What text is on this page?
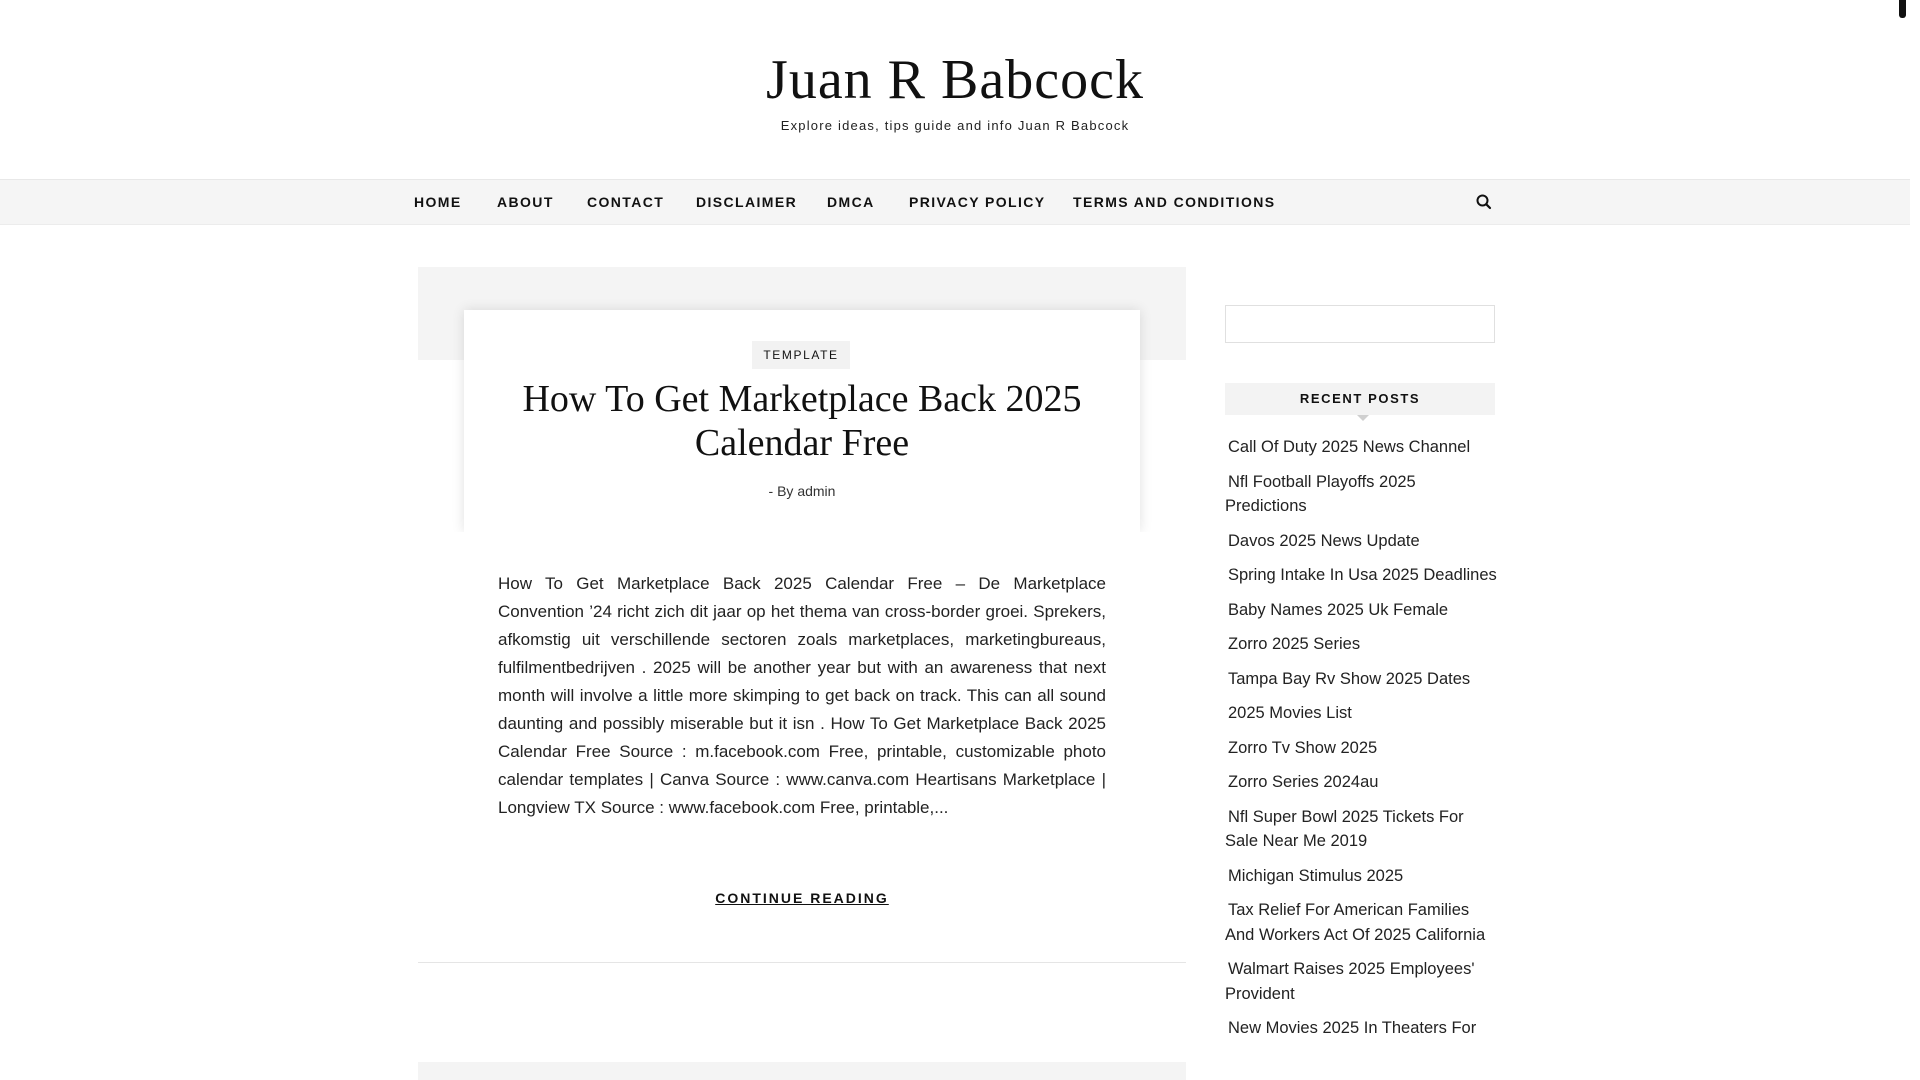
Juan R Babcock
Explore ideas, tips guide and info Juan R Babcock
HOME	ABOUT CONTACT DISCLAIMER DMCA PRIVACY POLICY TERMS AND CONDITIONS
TEMPLATE
How To Get Marketplace Back 2025 Calendar Free
- By admin
How To Get Marketplace Back 2025 Calendar Free – De Marketplace Convention ’24 richt zich dit jaar op het thema van cross-border groei. Sprekers, afkomstig uit verschillende sectoren zoals marketplaces, marketingbureaus, fulfilmentbedrijven . 2025 will be another year but with an awareness that next month will involve a little more skimping to get back on track. This can all sound daunting and possibly miserable but it isn . How To Get Marketplace Back 2025 Calendar Free Source : m.facebook.com Free, printable, customizable photo calendar templates | Canva Source : www.canva.com Heartisans Marketplace | Longview TX Source : www.facebook.com Free, printable,...
CONTINUE READING
RECENT POSTS
Call Of Duty 2025 News Channel
Nfl Football Playoffs 2025 Predictions
Davos 2025 News Update
Spring Intake In Usa 2025 Deadlines
Baby Names 2025 Uk Female
Zorro 2025 Series
Tampa Bay Rv Show 2025 Dates
2025 Movies List
Zorro Tv Show 2025
Zorro Series 2024au
Nfl Super Bowl 2025 Tickets For Sale Near Me 2019
Michigan Stimulus 2025
Tax Relief For American Families And Workers Act Of 2025 California
Walmart Raises 2025 Employees' Provident
New Movies 2025 In Theaters For
